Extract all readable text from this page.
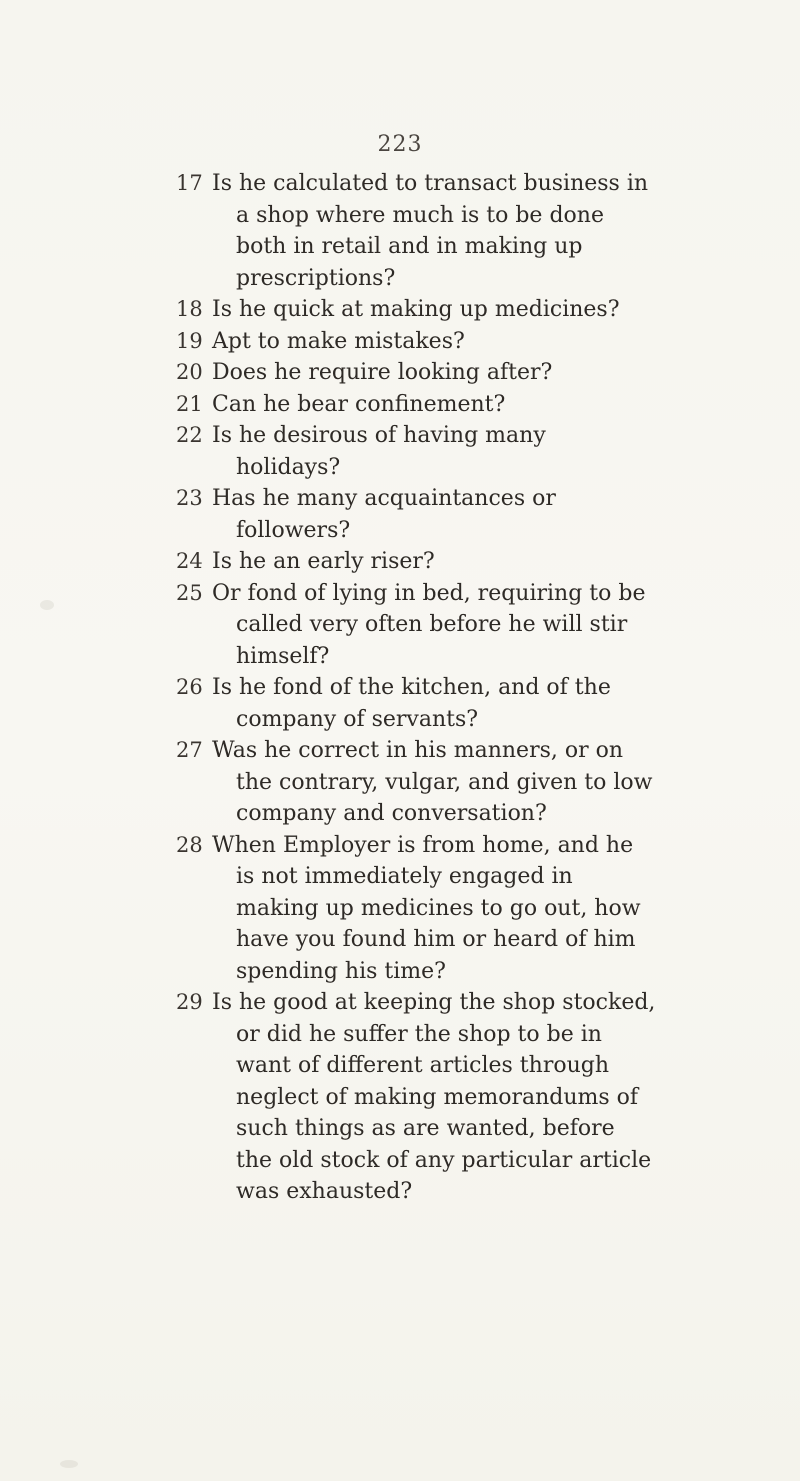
223
17 Is he calculated to transact business in a shop where much is to be done both in retail and in making up prescriptions?
18 Is he quick at making up medicines?
19 Apt to make mistakes?
20 Does he require looking after?
21 Can he bear confinement?
22 Is he desirous of having many holidays?
23 Has he many acquaintances or followers?
24 Is he an early riser?
25 Or fond of lying in bed, requiring to be called very often before he will stir himself?
26 Is he fond of the kitchen, and of the company of servants?
27 Was he correct in his manners, or on the contrary, vulgar, and given to low company and conversation?
28 When Employer is from home, and he is not immediately engaged in making up medicines to go out, how have you found him or heard of him spending his time?
29 Is he good at keeping the shop stocked, or did he suffer the shop to be in want of different articles through neglect of making memorandums of such things as are wanted, before the old stock of any particular article was exhausted?
